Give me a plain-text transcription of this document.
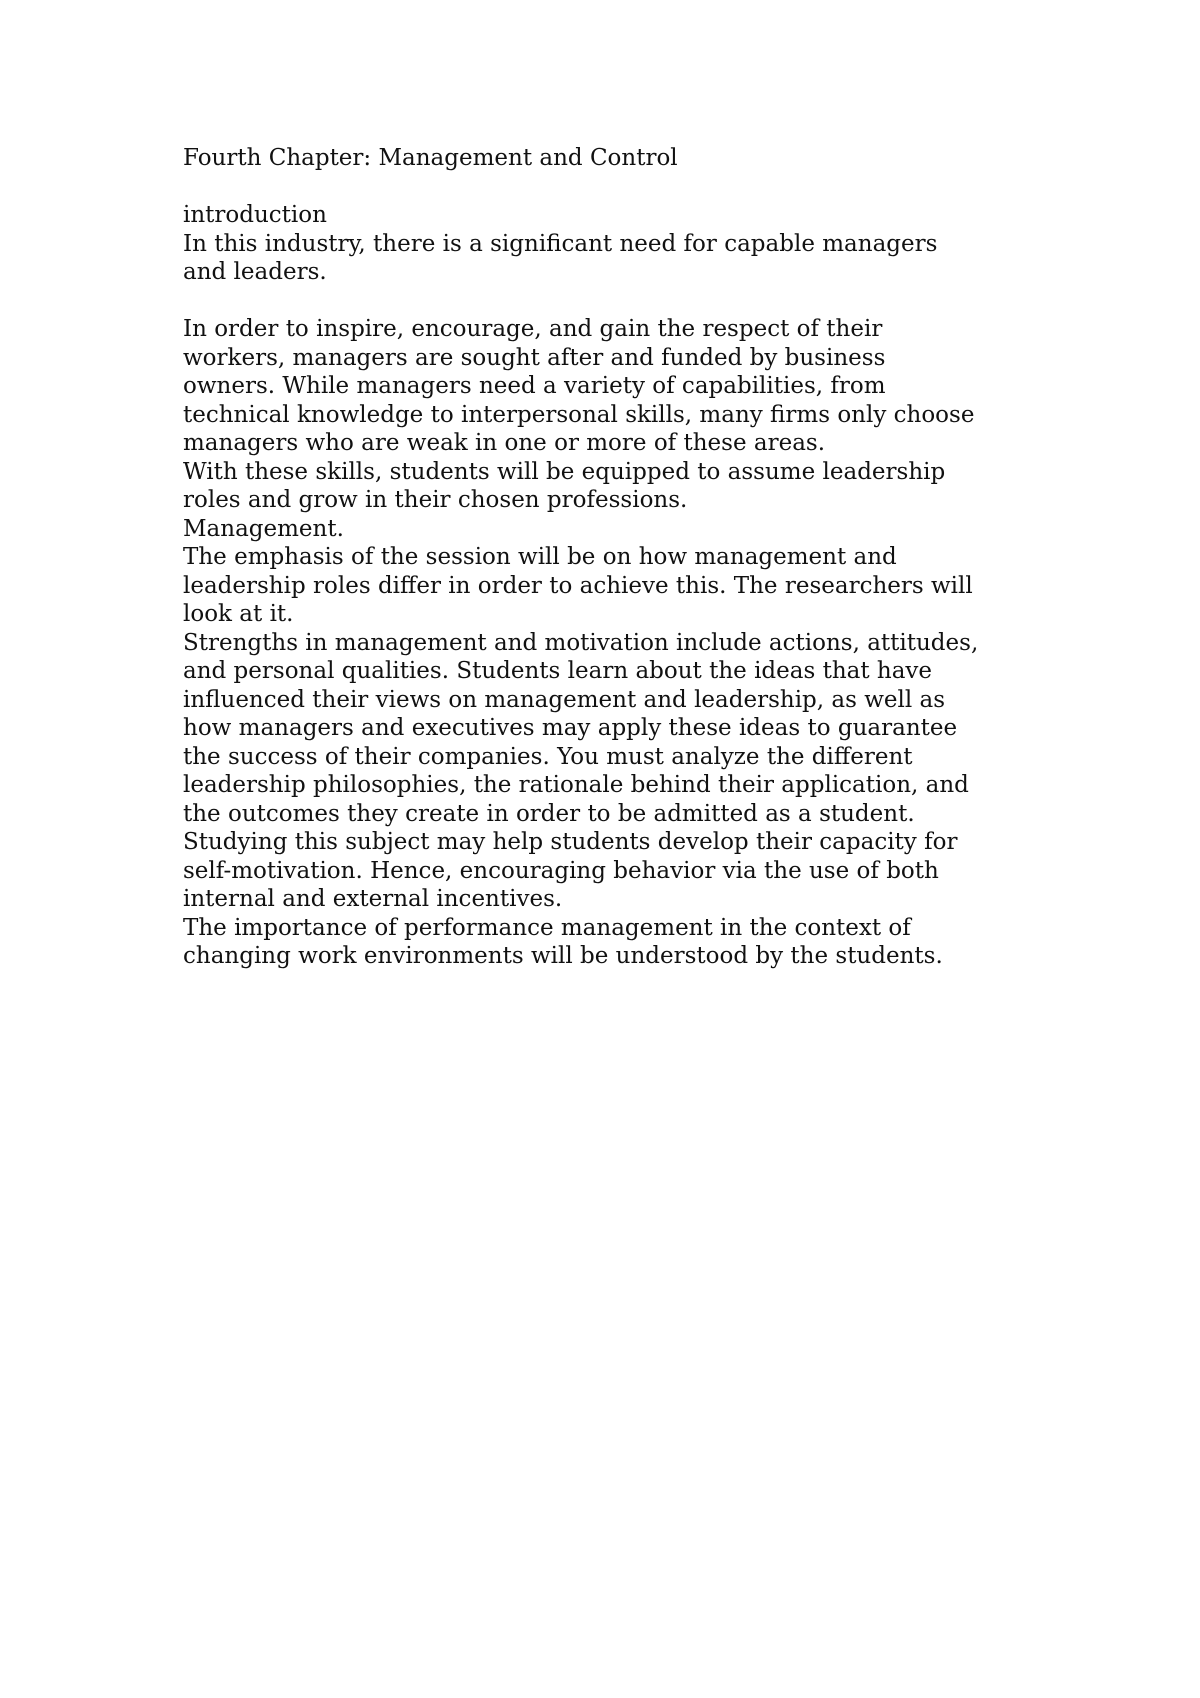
Fourth Chapter: Management and Control
introduction
In this industry, there is a significant need for capable managers
and leaders.
In order to inspire, encourage, and gain the respect of their
workers, managers are sought after and funded by business
owners. While managers need a variety of capabilities, from
technical knowledge to interpersonal skills, many firms only choose
managers who are weak in one or more of these areas.
With these skills, students will be equipped to assume leadership
roles and grow in their chosen professions.
Management.
The emphasis of the session will be on how management and
leadership roles differ in order to achieve this. The researchers will
look at it.
Strengths in management and motivation include actions, attitudes,
and personal qualities. Students learn about the ideas that have
influenced their views on management and leadership, as well as
how managers and executives may apply these ideas to guarantee
the success of their companies. You must analyze the different
leadership philosophies, the rationale behind their application, and
the outcomes they create in order to be admitted as a student.
Studying this subject may help students develop their capacity for
self-motivation. Hence, encouraging behavior via the use of both
internal and external incentives.
The importance of performance management in the context of
changing work environments will be understood by the students.
